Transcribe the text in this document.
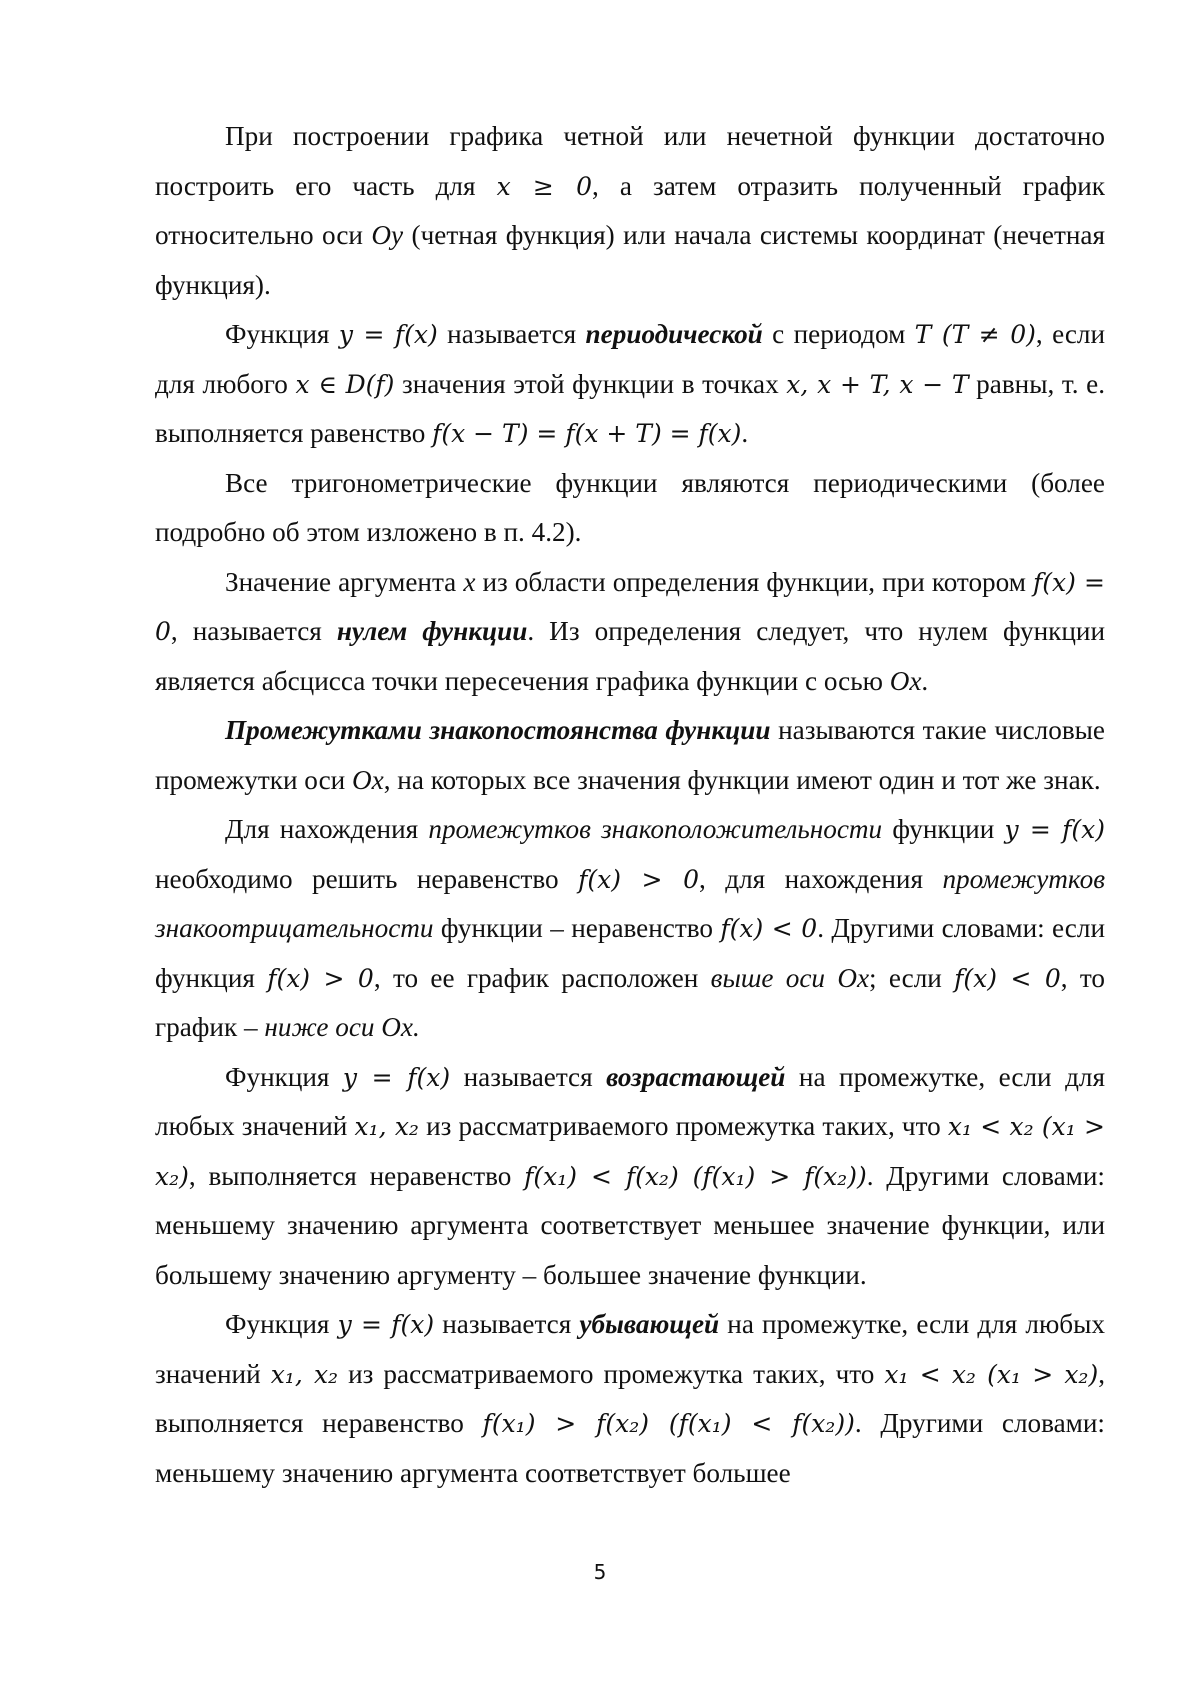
При построении графика четной или нечетной функции достаточно построить его часть для x ≥ 0, а затем отразить полученный график относительно оси Oy (четная функция) или начала системы координат (нечетная функция).

Функция y = f(x) называется периодической с периодом T (T ≠ 0), если для любого x ∈ D(f) значения этой функции в точках x, x + T, x − T равны, т. е. выполняется равенство f(x − T) = f(x + T) = f(x).

Все тригонометрические функции являются периодическими (более подробно об этом изложено в п. 4.2).

Значение аргумента x из области определения функции, при котором f(x) = 0, называется нулем функции. Из определения следует, что нулем функции является абсцисса точки пересечения графика функции с осью Ox.

Промежутками знакопостоянства функции называются такие числовые промежутки оси Ox, на которых все значения функции имеют один и тот же знак.

Для нахождения промежутков знакоположительности функции y = f(x) необходимо решить неравенство f(x) > 0, для нахождения промежутков знакоотрицательности функции – неравенство f(x) < 0. Другими словами: если функция f(x) > 0, то ее график расположен выше оси Ox; если f(x) < 0, то график – ниже оси Ox.

Функция y = f(x) называется возрастающей на промежутке, если для любых значений x₁, x₂ из рассматриваемого промежутка таких, что x₁ < x₂ (x₁ > x₂), выполняется неравенство f(x₁) < f(x₂) (f(x₁) > f(x₂)). Другими словами: меньшему значению аргумента соответствует меньшее значение функции, или большему значению аргументу – большее значение функции.

Функция y = f(x) называется убывающей на промежутке, если для любых значений x₁, x₂ из рассматриваемого промежутка таких, что x₁ < x₂ (x₁ > x₂), выполняется неравенство f(x₁) > f(x₂) (f(x₁) < f(x₂)). Другими словами: меньшему значению аргумента соответствует большее

5
